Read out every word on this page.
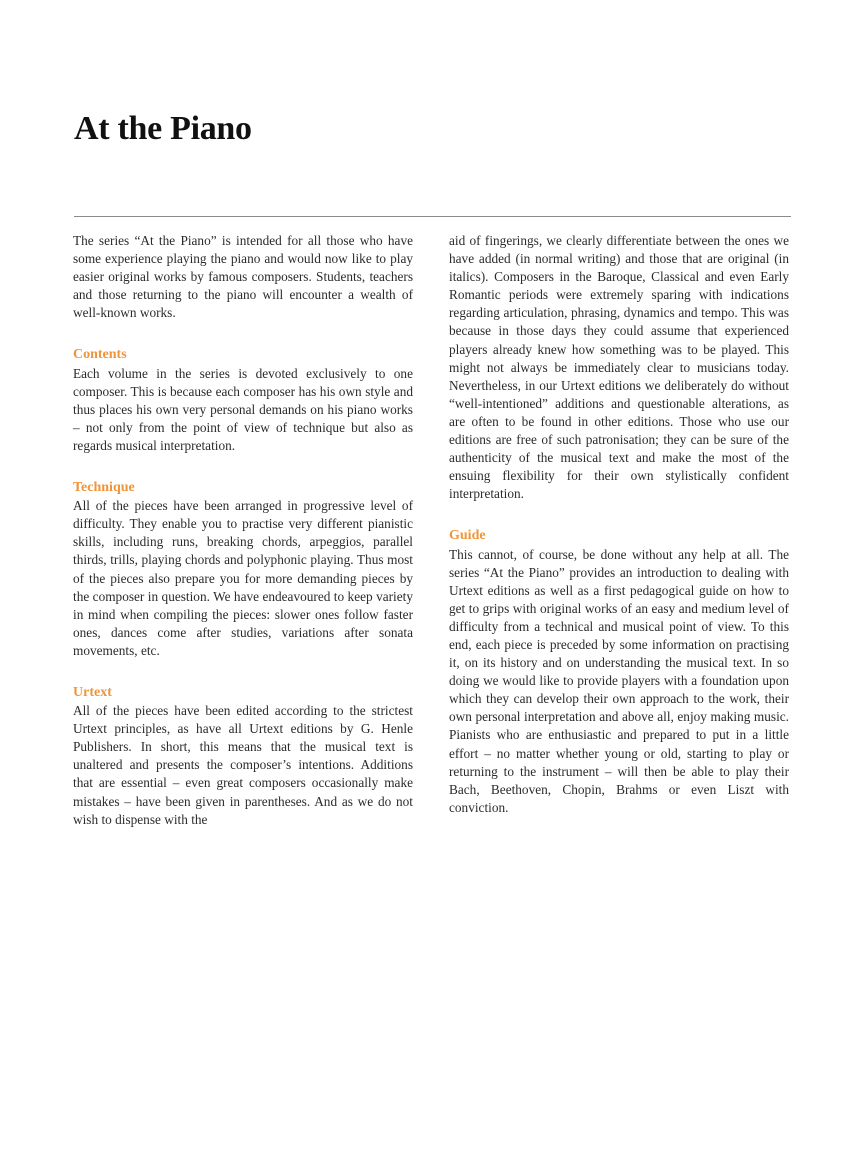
At the Piano

The series “At the Piano” is intended for all those who have some experience playing the piano and would now like to play easier original works by famous composers. Students, teachers and those returning to the piano will encounter a wealth of well-known works.

Contents

Each volume in the series is devoted exclusively to one composer. This is because each composer has his own style and thus places his own very personal demands on his piano works – not only from the point of view of technique but also as regards musical interpretation.

Technique

All of the pieces have been arranged in progressive level of difficulty. They enable you to practise very different pianistic skills, including runs, breaking chords, arpeggios, parallel thirds, trills, playing chords and polyphonic playing. Thus most of the pieces also prepare you for more demanding pieces by the composer in question. We have endeavoured to keep variety in mind when compiling the pieces: slower ones follow faster ones, dances come after studies, variations after sonata movements, etc.

Urtext

All of the pieces have been edited according to the strictest Urtext principles, as have all Urtext editions by G. Henle Publishers. In short, this means that the musical text is unaltered and presents the composer’s intentions. Additions that are essential – even great composers occasionally make mistakes – have been given in parentheses. And as we do not wish to dispense with the

aid of fingerings, we clearly differentiate between the ones we have added (in normal writing) and those that are original (in italics). Composers in the Baroque, Classical and even Early Romantic periods were extremely sparing with indications regarding articulation, phrasing, dynamics and tempo. This was because in those days they could assume that experienced players already knew how something was to be played. This might not always be immediately clear to musicians today. Nevertheless, in our Urtext editions we deliberately do without “well-intentioned” additions and questionable alterations, as are often to be found in other editions. Those who use our editions are free of such patronisation; they can be sure of the authenticity of the musical text and make the most of the ensuing flexibility for their own stylistically confident interpretation.

Guide

This cannot, of course, be done without any help at all. The series “At the Piano” provides an introduction to dealing with Urtext editions as well as a first pedagogical guide on how to get to grips with original works of an easy and medium level of difficulty from a technical and musical point of view. To this end, each piece is preceded by some information on practising it, on its history and on understanding the musical text. In so doing we would like to provide players with a foundation upon which they can develop their own approach to the work, their own personal interpretation and above all, enjoy making music. Pianists who are enthusiastic and prepared to put in a little effort – no matter whether young or old, starting to play or returning to the instrument – will then be able to play their Bach, Beethoven, Chopin, Brahms or even Liszt with conviction.
